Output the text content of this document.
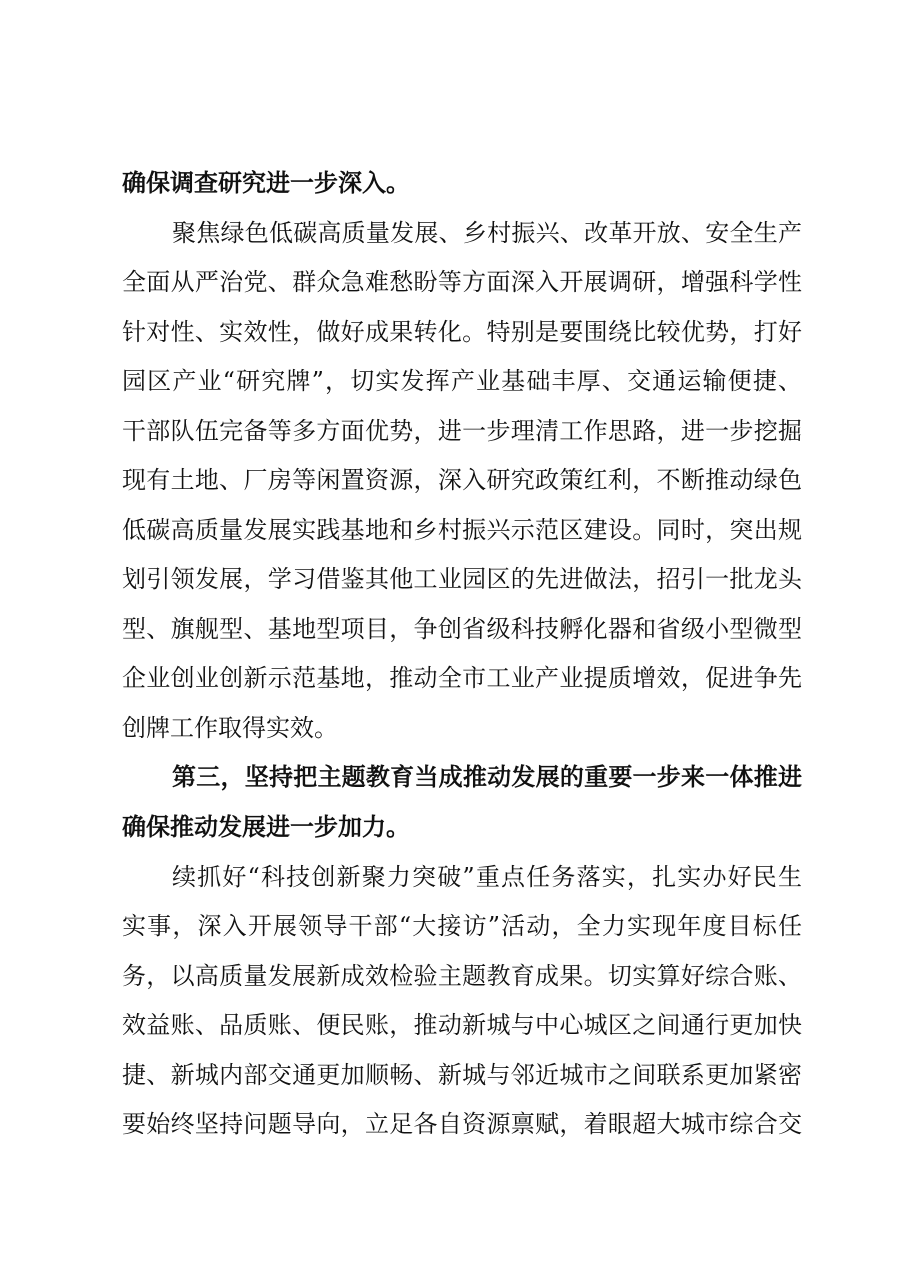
确保调查研究进一步深入。
聚焦绿色低碳高质量发展、乡村振兴、改革开放、安全生产
全面从严治党、群众急难愁盼等方面深入开展调研，增强科学性
针对性、实效性，做好成果转化。特别是要围绕比较优势，打好
园区产业“研究牌”，切实发挥产业基础丰厚、交通运输便捷、
干部队伍完备等多方面优势，进一步理清工作思路，进一步挖掘
现有土地、厂房等闲置资源，深入研究政策红利，不断推动绿色
低碳高质量发展实践基地和乡村振兴示范区建设。同时，突出规
划引领发展，学习借鉴其他工业园区的先进做法，招引一批龙头
型、旗舰型、基地型项目，争创省级科技孵化器和省级小型微型
企业创业创新示范基地，推动全市工业产业提质增效，促进争先
创牌工作取得实效。
第三，坚持把主题教育当成推动发展的重要一步来一体推进
确保推动发展进一步加力。
续抓好“科技创新聚力突破”重点任务落实，扎实办好民生
实事，深入开展领导干部“大接访”活动，全力实现年度目标任
务，以高质量发展新成效检验主题教育成果。切实算好综合账、
效益账、品质账、便民账，推动新城与中心城区之间通行更加快
捷、新城内部交通更加顺畅、新城与邻近城市之间联系更加紧密
要始终坚持问题导向，立足各自资源禀赋，着眼超大城市综合交
